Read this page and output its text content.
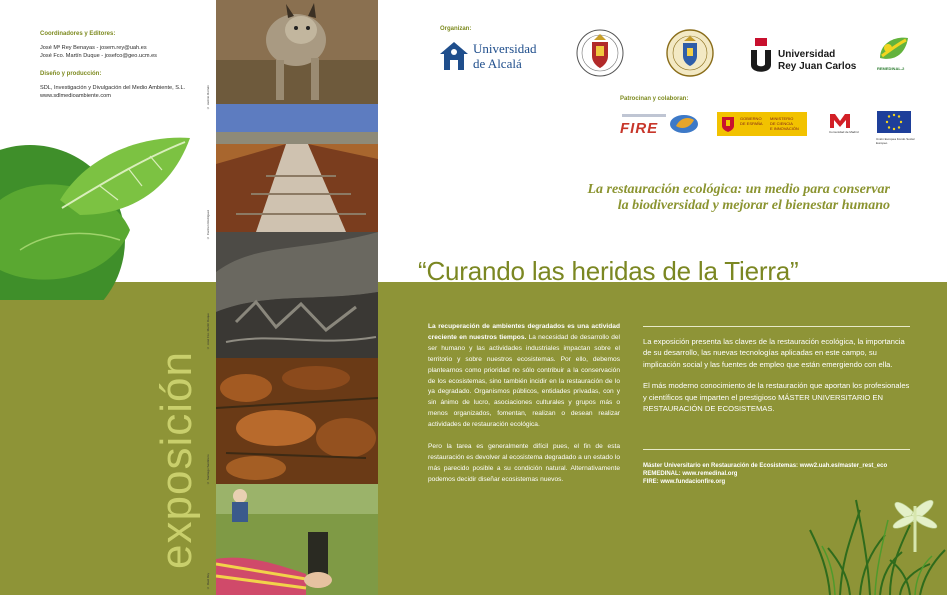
Coordinadores y Editores:
José Mª Rey Benayas - josem.rey@uah.es
José Fco. Martín Duque - josefco@geo.ucm.es
Diseño y producción:
SDL, Investigación y Divulgación del Medio Ambiente, S.L.
www.sdlmedioambiente.com
exposición
© Jacinto Román
© Carmen Rodríguez
© José Fco. Martín Duque
© Santiago Sardinero
© Raúl Rey
Organizan:
Universidad
de Alcalá
Universidad
Rey Juan Carlos	REMEDINAL-2
Patrocinan y colaboran:
FIRE
GOBIERNO
DE ESPAÑA
MINISTERIO
DE CIENCIA
E INNOVACIÓN
Comunidad de Madrid
Unión Europea Fondo Social Europeo
La restauración ecológica: un medio para conservar
la biodiversidad y mejorar el bienestar humano
“Curando las heridas de la Tierra”

La recuperación de ambientes degradados es una actividad creciente en nuestros tiempos. La necesidad de desarrollo del ser humano y las actividades industriales impactan sobre el territorio y sobre nuestros ecosistemas. Por ello, debemos plantearnos como prioridad no sólo contribuir a la conservación de los ecosistemas, sino también incidir en la restauración de lo ya degradado. Organismos públicos, entidades privadas, con y sin ánimo de lucro, asociaciones culturales y grupos más o menos organizados, fomentan, realizan o desean realizar actividades de restauración ecológica.

Pero la tarea es generalmente difícil pues, el fin de esta restauración es devolver al ecosistema degradado a un estado lo más parecido posible a su condición natural. Alternativamente podemos decidir diseñar ecosistemas nuevos.

La exposición presenta las claves de la restauración ecológica, la importancia de su desarrollo, las nuevas tecnologías aplicadas en este campo, su implicación social y las fuentes de empleo que están emergiendo con ella.

El más moderno conocimiento de la restauración que aportan los profesionales y científicos que imparten el prestigioso MÁSTER UNIVERSITARIO EN RESTAURACIÓN DE ECOSISTEMAS.

Máster Universitario en Restauración de Ecosistemas: www2.uah.es/master_rest_eco
REMEDINAL: www.remedinal.org
FIRE: www.fundacionfire.org
